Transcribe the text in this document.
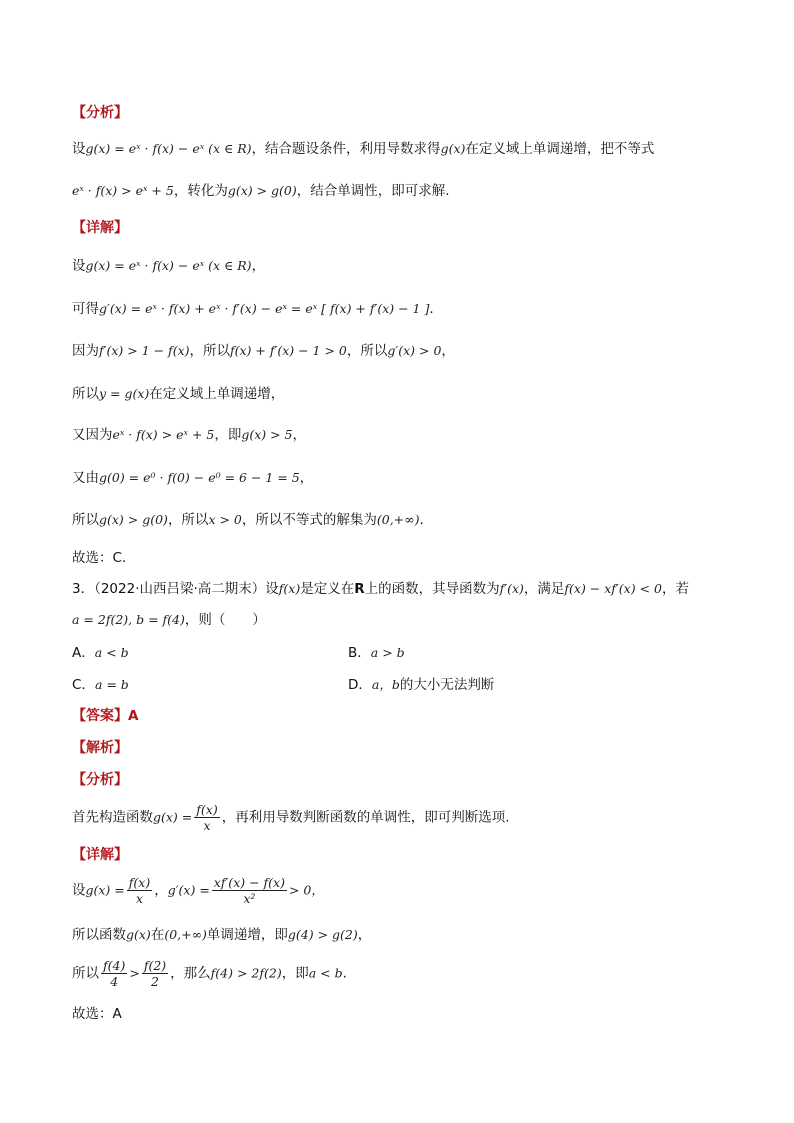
【分析】
设g(x) = eˣ · f(x) − eˣ (x ∈ R)，结合题设条件，利用导数求得g(x)在定义域上单调递增，把不等式
eˣ · f(x) > eˣ + 5，转化为g(x) > g(0)，结合单调性，即可求解.
【详解】
设g(x) = eˣ · f(x) − eˣ (x ∈ R)，
可得g′(x) = eˣ · f(x) + eˣ · f′(x) − eˣ = eˣ [ f(x) + f′(x) − 1 ].
因为f′(x) > 1 − f(x)，所以f(x) + f′(x) − 1 > 0，所以g′(x) > 0，
所以y = g(x)在定义域上单调递增，
又因为eˣ · f(x) > eˣ + 5，即g(x) > 5，
又由g(0) = e⁰ · f(0) − e⁰ = 6 − 1 = 5，
所以g(x) > g(0)，所以x > 0，所以不等式的解集为(0,+∞).
故选：C.
3．（2022·山西吕梁·高二期末）设f(x)是定义在R上的函数，其导函数为f′(x)，满足f(x) − xf′(x) < 0，若
a = 2f(2), b = f(4)，则（　　）
A．a < b	B．a > b
C．a = b	D．a，b的大小无法判断
【答案】A
【解析】
【分析】
首先构造函数$g(x) = \frac{f(x)}{x}$ ，再利用导数判断函数的单调性，即可判断选项.
【详解】
设$g(x) = \frac{f(x)}{x}$ ，$g'(x) = \frac{xf'(x) - f(x)}{\text{x²}} > 0$，
所以函数g(x)在(0,+∞)单调递增，即g(4) > g(2)，
所以 $\frac{f(4)}{4} > \frac{f(2)}{2}$ ，那么f(4) > 2f(2)，即a < b.
故选：A
